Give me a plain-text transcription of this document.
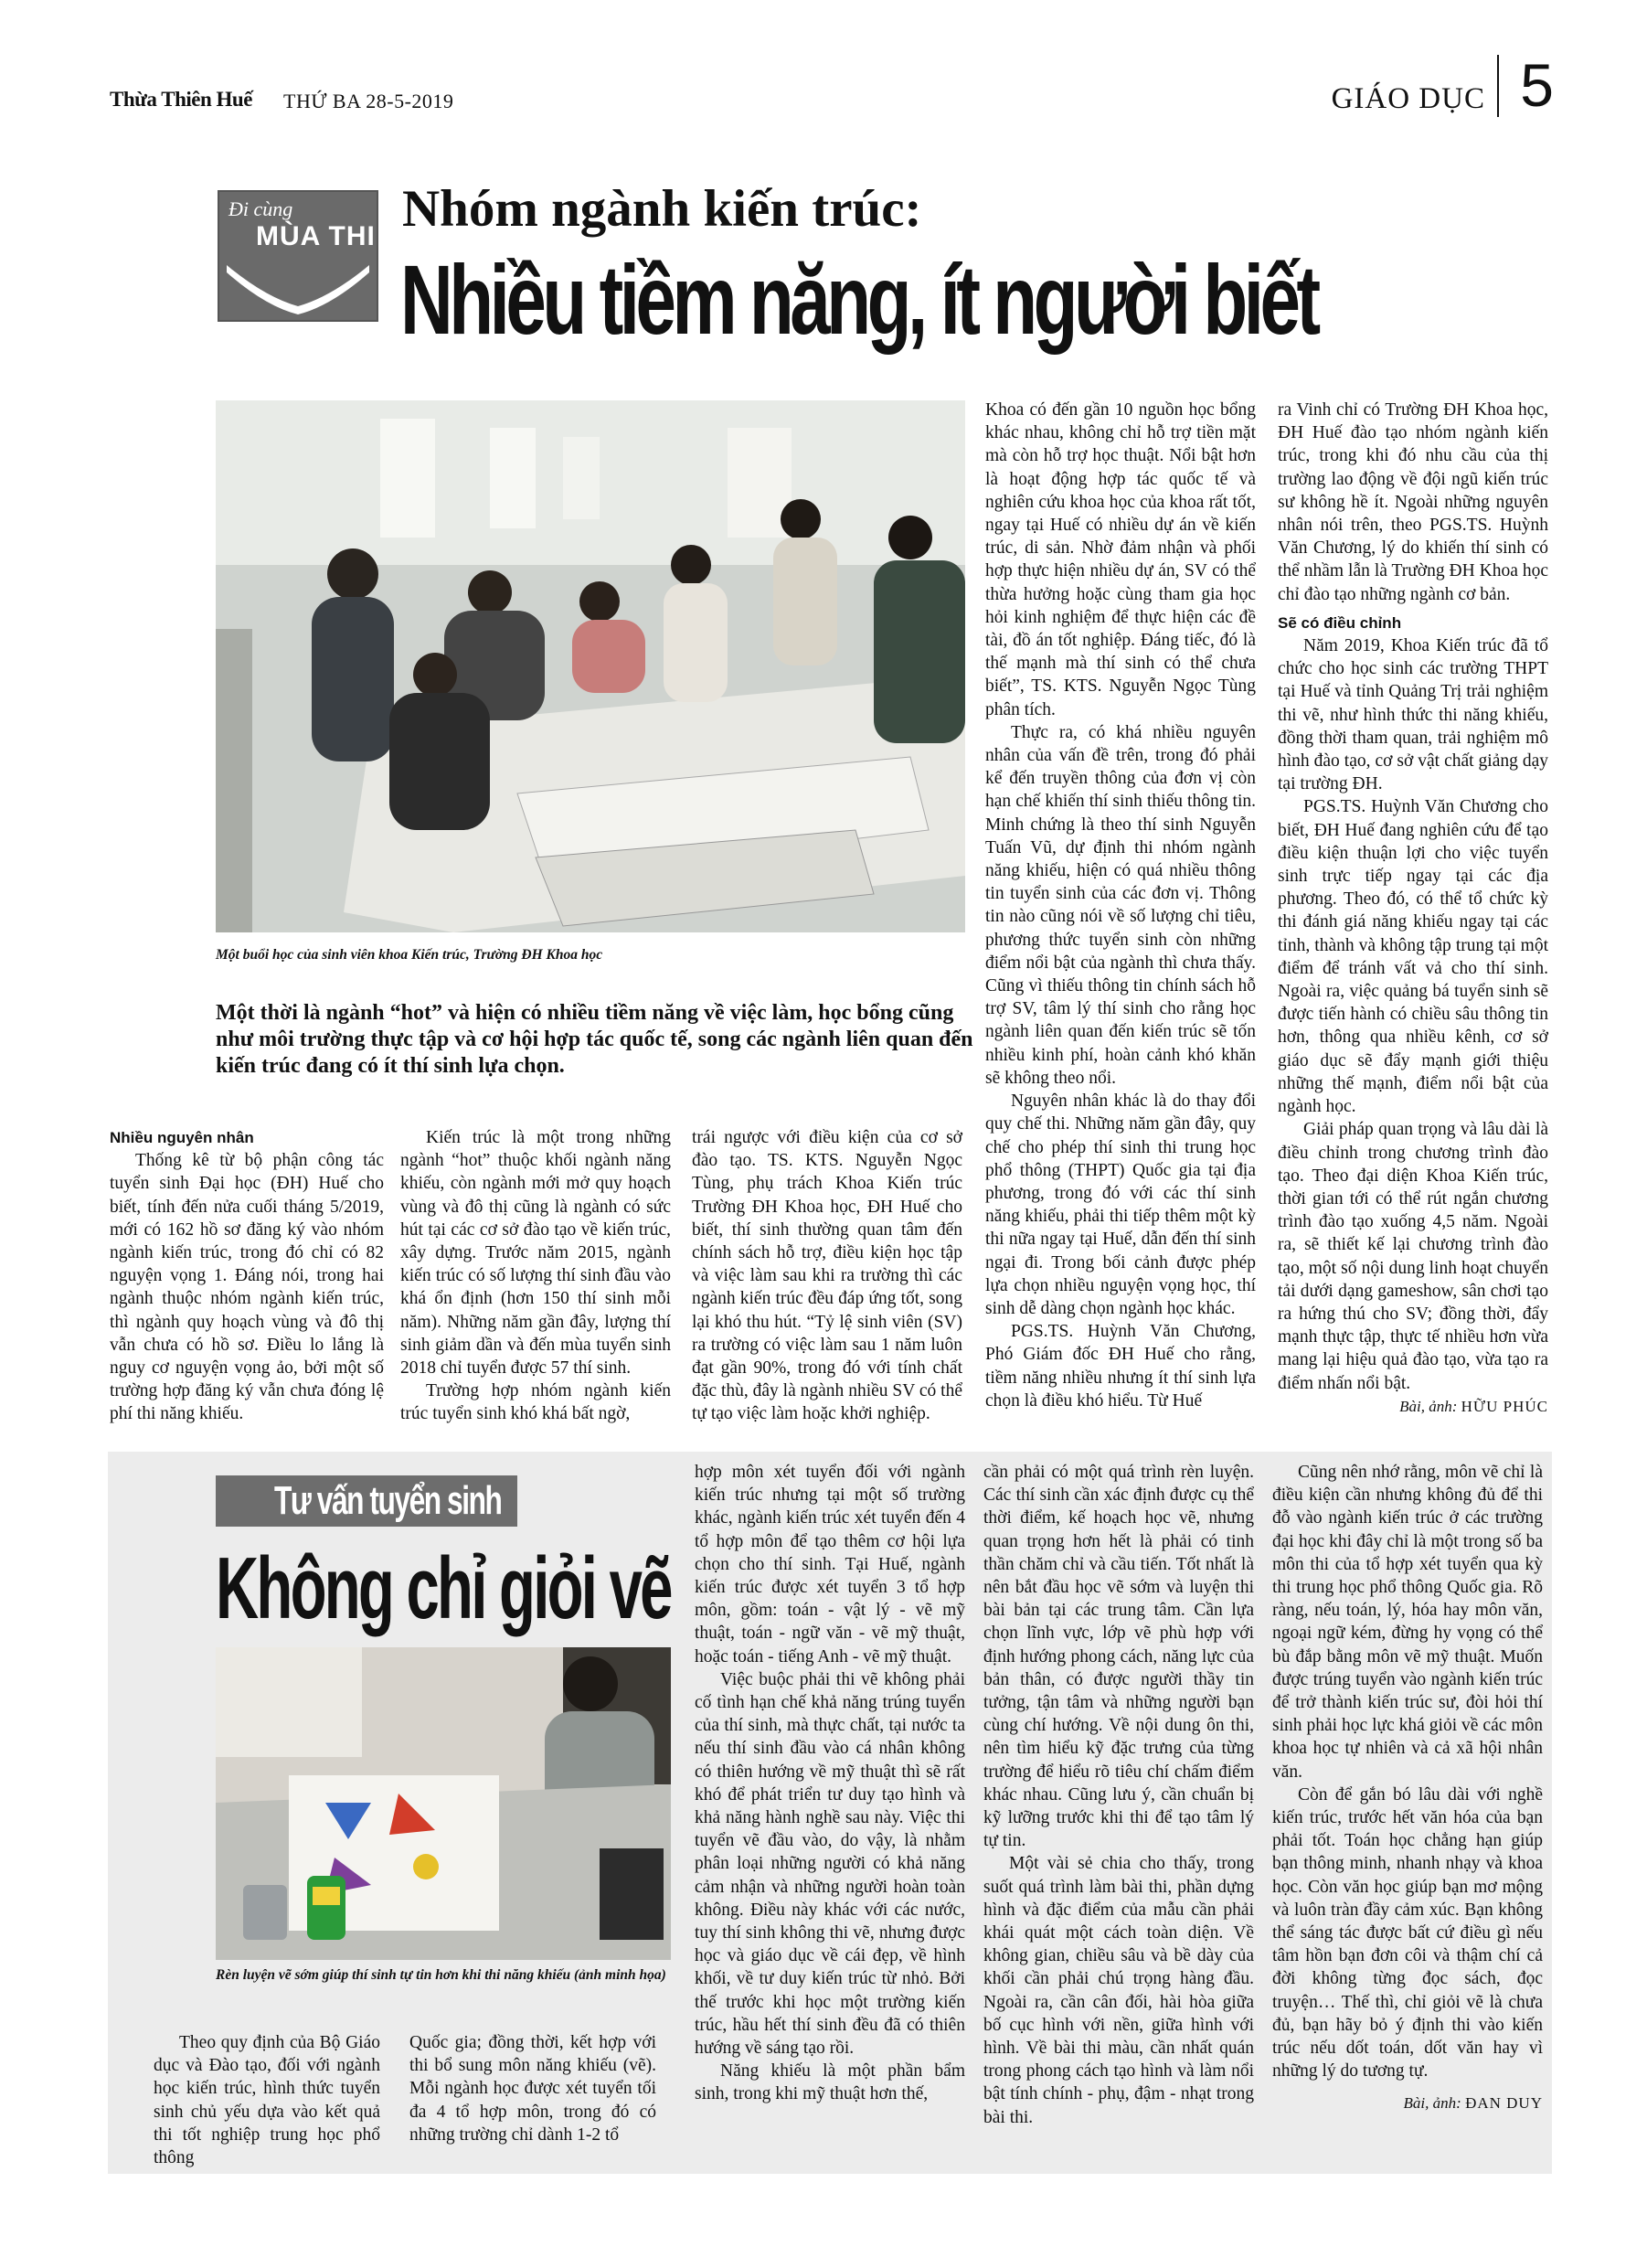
Thừa Thiên Huế THỨ BA 28-5-2019	GIÁO DỤC 5
Đi cùng
MÙA THI Nhóm ngành kiến trúc:
Nhiều tiềm năng, ít người biết
Một buổi học của sinh viên khoa Kiến trúc, Trường ĐH Khoa học
Một thời là ngành “hot” và hiện có nhiều tiềm năng về việc làm, học bổng cũng như môi trường thực tập và cơ hội hợp tác quốc tế, song các ngành liên quan đến kiến trúc đang có ít thí sinh lựa chọn.
Nhiều nguyên nhân

Thống kê từ bộ phận công tác tuyển sinh Đại học (ĐH) Huế cho biết, tính đến nửa cuối tháng 5/2019, mới có 162 hồ sơ đăng ký vào nhóm ngành kiến trúc, trong đó chỉ có 82 nguyện vọng 1. Đáng nói, trong hai ngành thuộc nhóm ngành kiến trúc, thì ngành quy hoạch vùng và đô thị vẫn chưa có hồ sơ. Điều lo lắng là nguy cơ nguyện vọng ảo, bởi một số trường hợp đăng ký vẫn chưa đóng lệ phí thi năng khiếu.

Kiến trúc là một trong những ngành “hot” thuộc khối ngành năng khiếu, còn ngành mới mở quy hoạch vùng và đô thị cũng là ngành có sức hút tại các cơ sở đào tạo về kiến trúc, xây dựng. Trước năm 2015, ngành kiến trúc có số lượng thí sinh đầu vào khá ổn định (hơn 150 thí sinh mỗi năm). Những năm gần đây, lượng thí sinh giảm dần và đến mùa tuyển sinh 2018 chỉ tuyển được 57 thí sinh.

Trường hợp nhóm ngành kiến trúc tuyển sinh khó khá bất ngờ,

trái ngược với điều kiện của cơ sở đào tạo. TS. KTS. Nguyễn Ngọc Tùng, phụ trách Khoa Kiến trúc Trường ĐH Khoa học, ĐH Huế cho biết, thí sinh thường quan tâm đến chính sách hỗ trợ, điều kiện học tập và việc làm sau khi ra trường thì các ngành kiến trúc đều đáp ứng tốt, song lại khó thu hút. “Tỷ lệ sinh viên (SV) ra trường có việc làm sau 1 năm luôn đạt gần 90%, trong đó với tính chất đặc thù, đây là ngành nhiều SV có thể tự tạo việc làm hoặc khởi nghiệp.

Khoa có đến gần 10 nguồn học bổng khác nhau, không chỉ hỗ trợ tiền mặt mà còn hỗ trợ học thuật. Nổi bật hơn là hoạt động hợp tác quốc tế và nghiên cứu khoa học của khoa rất tốt, ngay tại Huế có nhiều dự án về kiến trúc, di sản. Nhờ đảm nhận và phối hợp thực hiện nhiều dự án, SV có thể thừa hưởng hoặc cùng tham gia học hỏi kinh nghiệm để thực hiện các đề tài, đồ án tốt nghiệp. Đáng tiếc, đó là thế mạnh mà thí sinh có thể chưa biết”, TS. KTS. Nguyễn Ngọc Tùng phân tích.

Thực ra, có khá nhiều nguyên nhân của vấn đề trên, trong đó phải kể đến truyền thông của đơn vị còn hạn chế khiến thí sinh thiếu thông tin. Minh chứng là theo thí sinh Nguyễn Tuấn Vũ, dự định thi nhóm ngành năng khiếu, hiện có quá nhiều thông tin tuyển sinh của các đơn vị. Thông tin nào cũng nói về số lượng chỉ tiêu, phương thức tuyển sinh còn những điểm nổi bật của ngành thì chưa thấy. Cũng vì thiếu thông tin chính sách hỗ trợ SV, tâm lý thí sinh cho rằng học ngành liên quan đến kiến trúc sẽ tốn nhiều kinh phí, hoàn cảnh khó khăn sẽ không theo nổi.

Nguyên nhân khác là do thay đổi quy chế thi. Những năm gần đây, quy chế cho phép thí sinh thi trung học phổ thông (THPT) Quốc gia tại địa phương, trong đó với các thí sinh năng khiếu, phải thi tiếp thêm một kỳ thi nữa ngay tại Huế, dẫn đến thí sinh ngại đi. Trong bối cảnh được phép lựa chọn nhiều nguyện vọng học, thí sinh dễ dàng chọn ngành học khác.

PGS.TS. Huỳnh Văn Chương, Phó Giám đốc ĐH Huế cho rằng, tiềm năng nhiều nhưng ít thí sinh lựa chọn là điều khó hiểu. Từ Huế

ra Vinh chỉ có Trường ĐH Khoa học, ĐH Huế đào tạo nhóm ngành kiến trúc, trong khi đó nhu cầu của thị trường lao động về đội ngũ kiến trúc sư không hề ít. Ngoài những nguyên nhân nói trên, theo PGS.TS. Huỳnh Văn Chương, lý do khiến thí sinh có thể nhầm lẫn là Trường ĐH Khoa học chỉ đào tạo những ngành cơ bản.

Sẽ có điều chỉnh

Năm 2019, Khoa Kiến trúc đã tổ chức cho học sinh các trường THPT tại Huế và tỉnh Quảng Trị trải nghiệm thi vẽ, như hình thức thi năng khiếu, đồng thời tham quan, trải nghiệm mô hình đào tạo, cơ sở vật chất giảng dạy tại trường ĐH.

PGS.TS. Huỳnh Văn Chương cho biết, ĐH Huế đang nghiên cứu để tạo điều kiện thuận lợi cho việc tuyển sinh trực tiếp ngay tại các địa phương. Theo đó, có thể tổ chức kỳ thi đánh giá năng khiếu ngay tại các tỉnh, thành và không tập trung tại một điểm để tránh vất vả cho thí sinh. Ngoài ra, việc quảng bá tuyển sinh sẽ được tiến hành có chiều sâu thông tin hơn, thông qua nhiều kênh, cơ sở giáo dục sẽ đẩy mạnh giới thiệu những thế mạnh, điểm nổi bật của ngành học.

Giải pháp quan trọng và lâu dài là điều chỉnh trong chương trình đào tạo. Theo đại diện Khoa Kiến trúc, thời gian tới có thể rút ngắn chương trình đào tạo xuống 4,5 năm. Ngoài ra, sẽ thiết kế lại chương trình đào tạo, một số nội dung linh hoạt chuyển tải dưới dạng gameshow, sân chơi tạo ra hứng thú cho SV; đồng thời, đẩy mạnh thực tập, thực tế nhiều hơn vừa mang lại hiệu quả đào tạo, vừa tạo ra điểm nhấn nổi bật.

Bài, ảnh: HỮU PHÚC

Tư vấn tuyển sinh
Không chỉ giỏi vẽ
Rèn luyện vẽ sớm giúp thí sinh tự tin hơn khi thi năng khiếu (ảnh minh họa)

Theo quy định của Bộ Giáo dục và Đào tạo, đối với ngành học kiến trúc, hình thức tuyển sinh chủ yếu dựa vào kết quả thi tốt nghiệp trung học phổ thông

Quốc gia; đồng thời, kết hợp với thi bổ sung môn năng khiếu (vẽ). Mỗi ngành học được xét tuyển tối đa 4 tổ hợp môn, trong đó có những trường chỉ dành 1-2 tổ

hợp môn xét tuyển đối với ngành kiến trúc nhưng tại một số trường khác, ngành kiến trúc xét tuyển đến 4 tổ hợp môn để tạo thêm cơ hội lựa chọn cho thí sinh. Tại Huế, ngành kiến trúc được xét tuyển 3 tổ hợp môn, gồm: toán - vật lý - vẽ mỹ thuật, toán - ngữ văn - vẽ mỹ thuật, hoặc toán - tiếng Anh - vẽ mỹ thuật.

Việc buộc phải thi vẽ không phải cố tình hạn chế khả năng trúng tuyển của thí sinh, mà thực chất, tại nước ta nếu thí sinh đầu vào cá nhân không có thiên hướng về mỹ thuật thì sẽ rất khó để phát triển tư duy tạo hình và khả năng hành nghề sau này. Việc thi tuyển vẽ đầu vào, do vậy, là nhằm phân loại những người có khả năng cảm nhận và những người hoàn toàn không. Điều này khác với các nước, tuy thí sinh không thi vẽ, nhưng được học và giáo dục về cái đẹp, về hình khối, về tư duy kiến trúc từ nhỏ. Bởi thế trước khi học một trường kiến trúc, hầu hết thí sinh đều đã có thiên hướng về sáng tạo rồi.

Năng khiếu là một phần bẩm sinh, trong khi mỹ thuật hơn thế,

cần phải có một quá trình rèn luyện. Các thí sinh cần xác định được cụ thể thời điểm, kế hoạch học vẽ, nhưng quan trọng hơn hết là phải có tinh thần chăm chỉ và cầu tiến. Tốt nhất là nên bắt đầu học vẽ sớm và luyện thi bài bản tại các trung tâm. Cần lựa chọn lĩnh vực, lớp vẽ phù hợp với định hướng phong cách, năng lực của bản thân, có được người thầy tin tưởng, tận tâm và những người bạn cùng chí hướng. Về nội dung ôn thi, nên tìm hiểu kỹ đặc trưng của từng trường để hiểu rõ tiêu chí chấm điểm khác nhau. Cũng lưu ý, cần chuẩn bị kỹ lưỡng trước khi thi để tạo tâm lý tự tin.

Một vài sẻ chia cho thấy, trong suốt quá trình làm bài thi, phần dựng hình và đặc điểm của mẫu cần phải khái quát một cách toàn diện. Về không gian, chiều sâu và bề dày của khối cần phải chú trọng hàng đầu. Ngoài ra, cần cân đối, hài hòa giữa bố cục hình với nền, giữa hình với hình. Về bài thi màu, cần nhất quán trong phong cách tạo hình và làm nổi bật tính chính - phụ, đậm - nhạt trong bài thi.

Cũng nên nhớ rằng, môn vẽ chỉ là điều kiện cần nhưng không đủ để thi đỗ vào ngành kiến trúc ở các trường đại học khi đây chỉ là một trong số ba môn thi của tổ hợp xét tuyển qua kỳ thi trung học phổ thông Quốc gia. Rõ ràng, nếu toán, lý, hóa hay môn văn, ngoại ngữ kém, đừng hy vọng có thể bù đắp bằng môn vẽ mỹ thuật. Muốn được trúng tuyển vào ngành kiến trúc để trở thành kiến trúc sư, đòi hỏi thí sinh phải học lực khá giỏi về các môn khoa học tự nhiên và cả xã hội nhân văn.

Còn để gắn bó lâu dài với nghề kiến trúc, trước hết văn hóa của bạn phải tốt. Toán học chẳng hạn giúp bạn thông minh, nhanh nhạy và khoa học. Còn văn học giúp bạn mơ mộng và luôn tràn đầy cảm xúc. Bạn không thể sáng tác được bất cứ điều gì nếu tâm hồn bạn đơn côi và thậm chí cả đời không từng đọc sách, đọc truyện… Thế thì, chỉ giỏi vẽ là chưa đủ, bạn hãy bỏ ý định thi vào kiến trúc nếu dốt toán, dốt văn hay vì những lý do tương tự.

Bài, ảnh: ĐAN DUY
